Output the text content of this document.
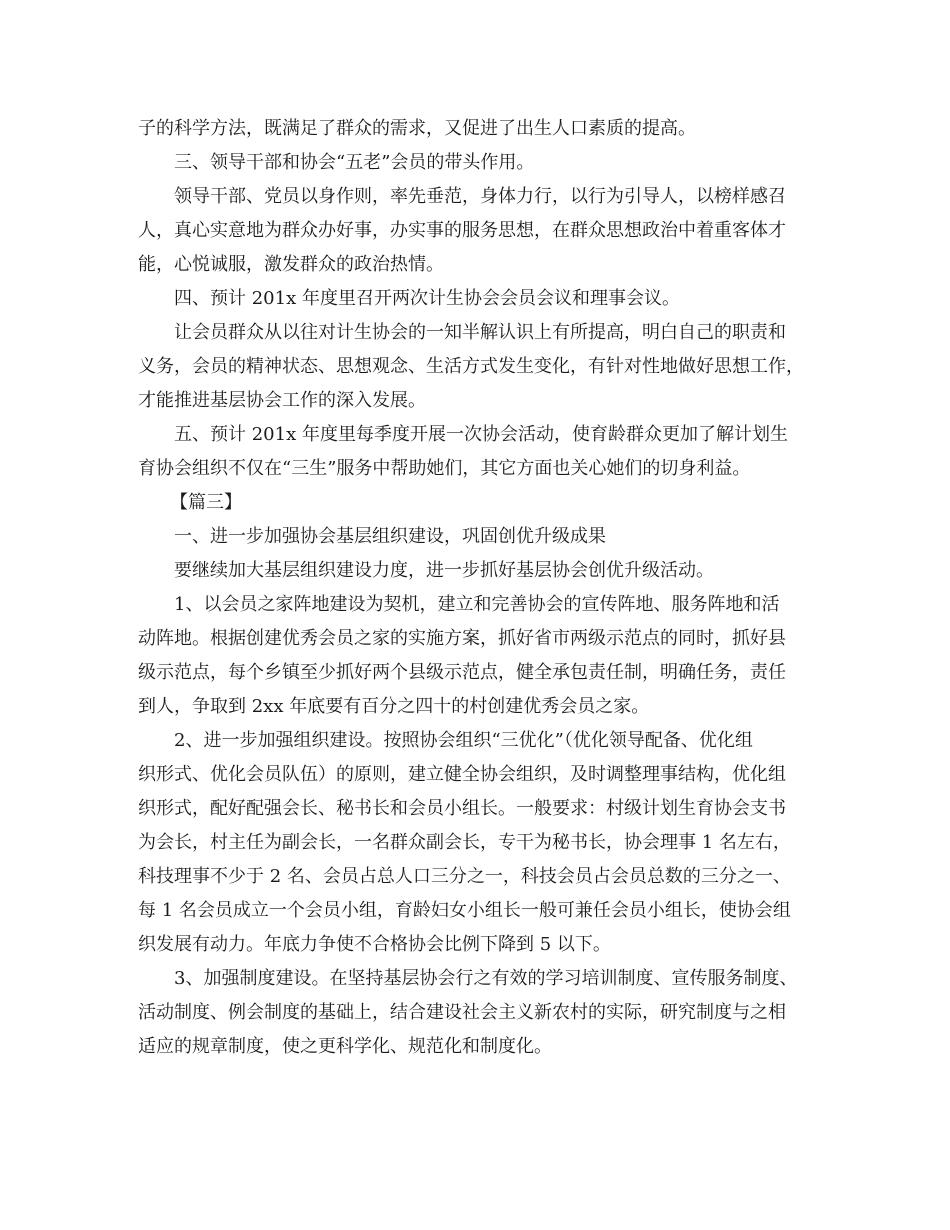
子的科学方法，既满足了群众的需求，又促进了出生人口素质的提高。
三、领导干部和协会“五老”会员的带头作用。
领导干部、党员以身作则，率先垂范，身体力行，以行为引导人，以榜样感召
人，真心实意地为群众办好事，办实事的服务思想，在群众思想政治中着重客体才
能，心悦诚服，激发群众的政治热情。
四、预计 201x 年度里召开两次计生协会会员会议和理事会议。
让会员群众从以往对计生协会的一知半解认识上有所提高，明白自己的职责和
义务，会员的精神状态、思想观念、生活方式发生变化，有针对性地做好思想工作，
才能推进基层协会工作的深入发展。
五、预计 201x 年度里每季度开展一次协会活动，使育龄群众更加了解计划生
育协会组织不仅在“三生”服务中帮助她们，其它方面也关心她们的切身利益。
【篇三】
一、进一步加强协会基层组织建设，巩固创优升级成果
要继续加大基层组织建设力度，进一步抓好基层协会创优升级活动。
1、以会员之家阵地建设为契机，建立和完善协会的宣传阵地、服务阵地和活
动阵地。根据创建优秀会员之家的实施方案，抓好省市两级示范点的同时，抓好县
级示范点，每个乡镇至少抓好两个县级示范点，健全承包责任制，明确任务，责任
到人，争取到 2xx 年底要有百分之四十的村创建优秀会员之家。
2、进一步加强组织建设。按照协会组织“三优化”（优化领导配备、优化组
织形式、优化会员队伍）的原则，建立健全协会组织，及时调整理事结构，优化组
织形式，配好配强会长、秘书长和会员小组长。一般要求：村级计划生育协会支书
为会长，村主任为副会长，一名群众副会长，专干为秘书长，协会理事 1 名左右，
科技理事不少于 2 名、会员占总人口三分之一，科技会员占会员总数的三分之一、
每 1 名会员成立一个会员小组，育龄妇女小组长一般可兼任会员小组长，使协会组
织发展有动力。年底力争使不合格协会比例下降到 5 以下。
3、加强制度建设。在坚持基层协会行之有效的学习培训制度、宣传服务制度、
活动制度、例会制度的基础上，结合建设社会主义新农村的实际，研究制度与之相
适应的规章制度，使之更科学化、规范化和制度化。
